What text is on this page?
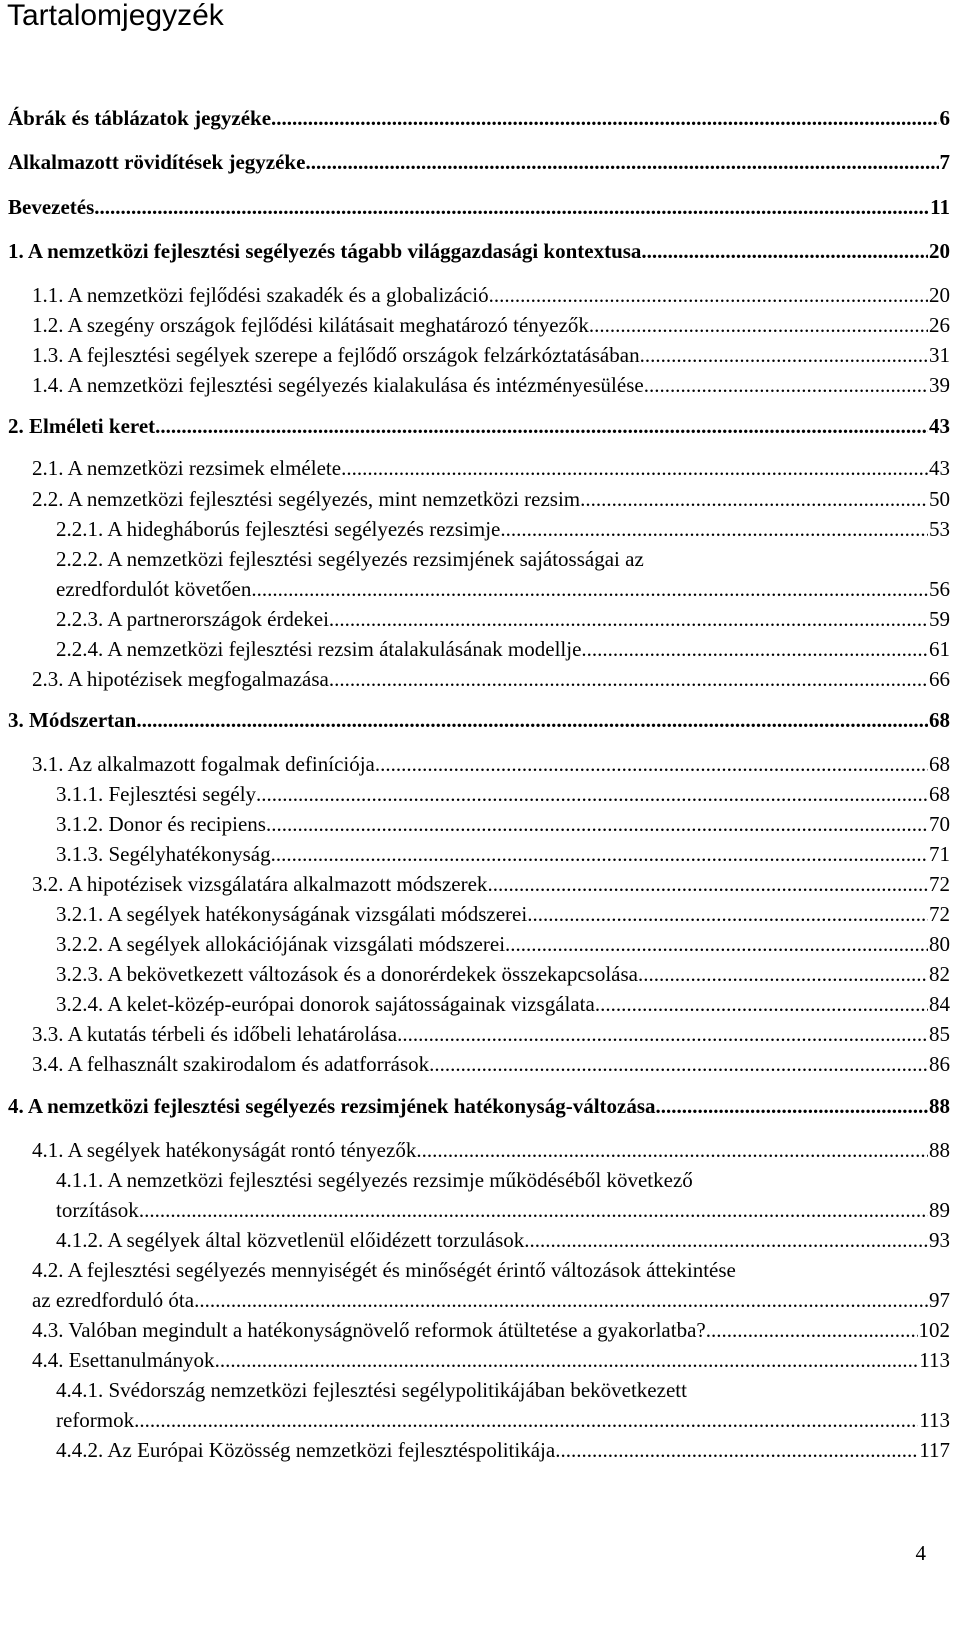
Tartalomjegyzék
Ábrák és táblázatok jegyzéke .....	6
Alkalmazott rövidítések jegyzéke .....	7
Bevezetés .....	11
1. A nemzetközi fejlesztési segélyezés tágabb világgazdasági kontextusa .....	20
1.1. A nemzetközi fejlődési szakadék és a globalizáció .....	20
1.2. A szegény országok fejlődési kilátásait meghatározó tényezők .....	26
1.3. A fejlesztési segélyek szerepe a fejlődő országok felzárkóztatásában .....	31
1.4. A nemzetközi fejlesztési segélyezés kialakulása és intézményesülése .....	39
2. Elméleti keret .....	43
2.1. A nemzetközi rezsimek elmélete .....	43
2.2. A nemzetközi fejlesztési segélyezés, mint nemzetközi rezsim .....	50
2.2.1. A hidegháborús fejlesztési segélyezés rezsimje .....	53
2.2.2. A nemzetközi fejlesztési segélyezés rezsimjének sajátosságai az
ezredfordulót követően .....	56
2.2.3. A partnerországok érdekei .....	59
2.2.4. A nemzetközi fejlesztési rezsim átalakulásának modellje .....	61
2.3. A hipotézisek megfogalmazása .....	66
3. Módszertan .....	68
3.1. Az alkalmazott fogalmak definíciója .....	68
3.1.1. Fejlesztési segély .....	68
3.1.2. Donor és recipiens .....	70
3.1.3. Segélyhatékonyság .....	71
3.2. A hipotézisek vizsgálatára alkalmazott módszerek .....	72
3.2.1. A segélyek hatékonyságának vizsgálati módszerei .....	72
3.2.2. A segélyek allokációjának vizsgálati módszerei .....	80
3.2.3. A bekövetkezett változások és a donorérdekek összekapcsolása .....	82
3.2.4. A kelet-közép-európai donorok sajátosságainak vizsgálata .....	84
3.3. A kutatás térbeli és időbeli lehatárolása .....	85
3.4. A felhasznált szakirodalom és adatforrások .....	86
4. A nemzetközi fejlesztési segélyezés rezsimjének hatékonyság-változása .....	88
4.1. A segélyek hatékonyságát rontó tényezők .....	88
4.1.1. A nemzetközi fejlesztési segélyezés rezsimje működéséből következő
torzítások .....	89
4.1.2. A segélyek által közvetlenül előidézett torzulások .....	93
4.2. A fejlesztési segélyezés mennyiségét és minőségét érintő változások áttekintése
az ezredforduló óta .....	97
4.3. Valóban megindult a hatékonyságnövelő reformok átültetése a gyakorlatba? .....	102
4.4. Esettanulmányok .....	113
4.4.1. Svédország nemzetközi fejlesztési segélypolitikájában bekövetkezett
reformok .....	113
4.4.2. Az Európai Közösség nemzetközi fejlesztéspolitikája .....	117
4
